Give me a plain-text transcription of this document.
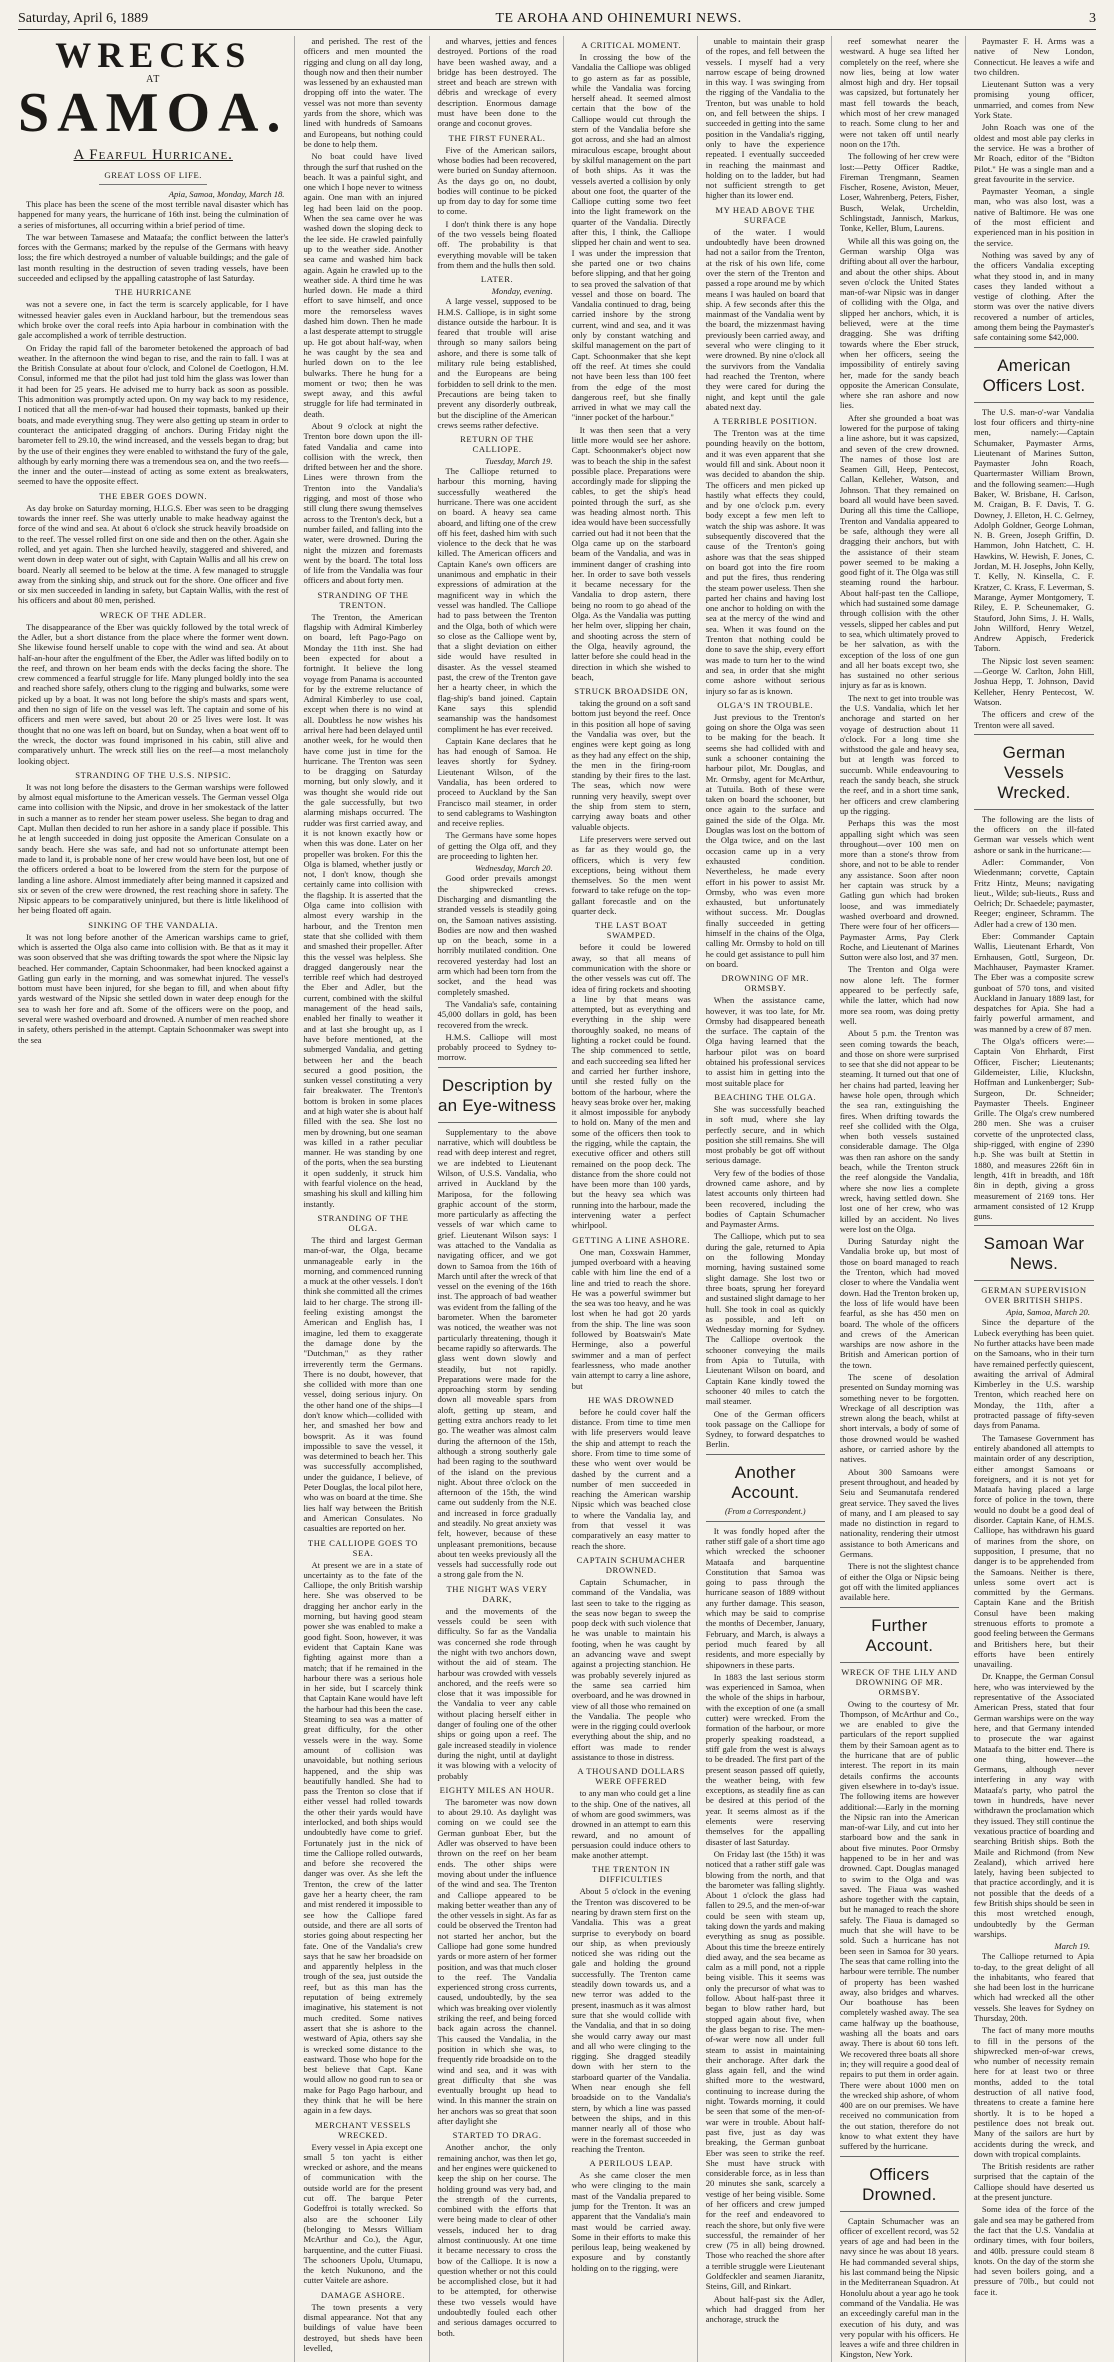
Saturday, April 6, 1889	TE AROHA AND OHINEMURI NEWS.	3
WRECKS
AT
SAMOA.
A Fearful Hurricane.
GREAT LOSS OF LIFE.
Apia, Samoa, Monday, March 18.

This place has been the scene of the most terrible naval disaster which has happened for many years, the hurricane of 16th inst. being the culmination of a series of misfortunes, all occurring within a brief period of time.

The war between Tamasese and Mataafa; the conflict between the latter's forces with the Germans; marked by the repulse of the Germans with heavy loss; the fire which destroyed a number of valuable buildings; and the gale of last month resulting in the destruction of seven trading vessels, have been succeeded and eclipsed by the appalling catastrophe of last Saturday.

THE HURRICANE

was not a severe one, in fact the term is scarcely applicable, for I have witnessed heavier gales even in Auckland harbour, but the tremendous seas which broke over the coral reefs into Apia harbour in combination with the gale accomplished a work of terrible destruction.

On Friday the rapid fall of the barometer betokened the approach of bad weather. In the afternoon the wind began to rise, and the rain to fall. I was at the British Consulate at about four o'clock, and Colonel de Coetlogon, H.M. Consul, informed me that the pilot had just told him the glass was lower than it had been for 25 years. He advised me to hurry back as soon as possible. This admonition was promptly acted upon. On my way back to my residence, I noticed that all the men-of-war had housed their topmasts, banked up their boats, and made everything snug. They were also getting up steam in order to counteract the anticipated dragging of anchors. During Friday night the barometer fell to 29.10, the wind increased, and the vessels began to drag; but by the use of their engines they were enabled to withstand the fury of the gale, although by early morning there was a tremendous sea on, and the two reefs—the inner and the outer—instead of acting as some extent as breakwaters, seemed to have the opposite effect.

THE EBER GOES DOWN.

As day broke on Saturday morning, H.I.G.S. Eber was seen to be dragging towards the inner reef. She was utterly unable to make headway against the force of the wind and sea. At about 6 o'clock she struck heavily broadside on to the reef. The vessel rolled first on one side and then on the other. Again she rolled, and yet again. Then she lurched heavily, staggered and shivered, and went down in deep water out of sight, with Captain Wallis and all his crew on board. Nearly all seemed to be below at the time. A few managed to struggle away from the sinking ship, and struck out for the shore. One officer and five or six men succeeded in landing in safety, but Captain Wallis, with the rest of his officers and about 80 men, perished.

WRECK OF THE ADLER.

The disappearance of the Eber was quickly followed by the total wreck of the Adler, but a short distance from the place where the former went down. She likewise found herself unable to cope with the wind and sea. At about half-an-hour after the engulfment of the Eber, the Adler was lifted bodily on to the reef, and thrown on her beam ends with the decks facing the shore. The crew commenced a fearful struggle for life. Many plunged boldly into the sea and reached shore safely, others clung to the rigging and bulwarks, some were picked up by a boat. It was not long before the ship's masts and spars went, and then no sign of life on the vessel was left. The captain and some of his officers and men were saved, but about 20 or 25 lives were lost. It was thought that no one was left on board, but on Sunday, when a boat went off to the wreck, the doctor was found imprisoned in his cabin, still alive and comparatively unhurt. The wreck still lies on the reef—a most melancholy looking object.

STRANDING OF THE U.S.S. NIPSIC.

It was not long before the disasters to the German warships were followed by almost equal misfortune to the American vessels. The German vessel Olga came into collision with the Nipsic, and drove in her smokestack of the latter in such a manner as to render her steam power useless. She began to drag and Capt. Mullan then decided to run her ashore in a sandy place if possible. This he at length succeeded in doing just opposite the American Consulate on a sandy beach. Here she was safe, and had not so unfortunate attempt been made to land it, is probable none of her crew would have been lost, but one of the officers ordered a boat to be lowered from the stern for the purpose of landing a line ashore. Almost immediately after being manned it capsized and six or seven of the crew were drowned, the rest reaching shore in safety. The Nipsic appears to be comparatively uninjured, but there is little likelihood of her being floated off again.

SINKING OF THE VANDALIA.

It was not long before another of the American warships came to grief, which is asserted the Olga also came into collision with. Be that as it may it was soon observed that she was drifting towards the spot where the Nipsic lay beached. Her commander, Captain Schoonmaker, had been knocked against a Gatling gun early in the morning, and was somewhat injured. The vessel's bottom must have been injured, for she began to fill, and when about fifty yards westward of the Nipsic she settled down in water deep enough for the sea to wash her fore and aft. Some of the officers were on the poop, and several were washed overboard and drowned. A number of men reached shore in safety, others perished in the attempt. Captain Schoonmaker was swept into the sea

and perished. The rest of the officers and men mounted the rigging and clung on all day long, though now and then their number was lessened by an exhausted man dropping off into the water. The vessel was not more than seventy yards from the shore, which was lined with hundreds of Samoans and Europeans, but nothing could be done to help them.

No boat could have lived through the surf that rushed on the beach. It was a painful sight, and one which I hope never to witness again. One man with an injured leg had been laid on the poop. When the sea came over he was washed down the sloping deck to the lee side. He crawled painfully up to the weather side. Another sea came and washed him back again. Again he crawled up to the weather side. A third time he was hurled down. He made a third effort to save himself, and once more the remorseless waves dashed him down. Then he made a last desperate attempt to struggle up. He got about half-way, when he was caught by the sea and hurled down on to the lee bulwarks. There he hung for a moment or two; then he was swept away, and this awful struggle for life had terminated in death.

About 9 o'clock at night the Trenton bore down upon the ill-fated Vandalia and came into collision with the wreck, then drifted between her and the shore. Lines were thrown from the Trenton into the Vandalia's rigging, and most of those who still clung there swung themselves across to the Trenton's deck, but a number failed, and falling into the water, were drowned. During the night the mizzen and foremasts went by the board. The total loss of life from the Vandalia was four officers and about forty men.

STRANDING OF THE TRENTON.

The Trenton, the American flagship with Admiral Kimberley on board, left Pago-Pago on Monday the 11th inst. She had been expected for about a fortnight. It believe the long voyage from Panama is accounted for by the extreme reluctance of Admiral Kimberley to use coal, except when there is no wind at all. Doubtless he now wishes his arrival here had been delayed until another week, for he would then have come just in time for the hurricane. The Trenton was seen to be dragging on Saturday morning, but only slowly, and it was thought she would ride out the gale successfully, but two alarming mishaps occurred. The rudder was first carried away, and it is not known exactly how or when this was done. Later on her propeller was broken. For this the Olga is blamed, whether justly or not, I don't know, though she certainly came into collision with the flagship. It is asserted that the Olga came into collision with almost every warship in the harbour, and the Trenton men state that she collided with them and smashed their propeller. After this the vessel was helpless. She dragged dangerously near the terrible reef which had destroyed the Eber and Adler, but the current, combined with the skilful management of the head sails, enabled her finally to weather it and at last she brought up, as I have before mentioned, at the submerged Vandalia, and getting between her and the beach secured a good position, the sunken vessel constituting a very fair breakwater. The Trenton's bottom is broken in some places and at high water she is about half filled with the sea. She lost no men by drowning, but one seaman was killed in a rather peculiar manner. He was standing by one of the ports, when the sea bursting it open suddenly, it struck him with fearful violence on the head, smashing his skull and killing him instantly.

STRANDING OF THE OLGA.

The third and largest German man-of-war, the Olga, became unmanageable early in the morning, and commenced running a muck at the other vessels. I don't think she committed all the crimes laid to her charge. The strong ill-feeling existing amongst the American and English has, I imagine, led them to exaggerate the damage done by the "Dutchman," as they rather irreverently term the Germans. There is no doubt, however, that she collided with more than one vessel, doing serious injury. On the other hand one of the ships—I don't know which—collided with her, and smashed her bow and bowsprit. As it was found impossible to save the vessel, it was determined to beach her. This was successfully accomplished, under the guidance, I believe, of Peter Douglas, the local pilot here, who was on board at the time. She lies half way between the British and American Consulates. No casualties are reported on her.

THE CALLIOPE GOES TO SEA.

At present we are in a state of uncertainty as to the fate of the Calliope, the only British warship here. She was observed to be dragging her anchor early in the morning, but having good steam power she was enabled to make a good fight. Soon, however, it was evident that Captain Kane was fighting against more than a match; that if he remained in the harbour there was a serious hole in her side, but I scarcely think that Captain Kane would have left the harbour had this been the case. Steaming to sea was a matter of great difficulty, for the other vessels were in the way. Some amount of collision was unavoidable, but nothing serious happened, and the ship was beautifully handled. She had to pass the Trenton so close that if either vessel had rolled towards the other their yards would have interlocked, and both ships would undoubtedly have come to grief. Fortunately just in the nick of time the Calliope rolled outwards, and before she recovered the danger was over. As she left the Trenton, the crew of the latter gave her a hearty cheer, the ram and mist rendered it impossible to see how the Calliope fared outside, and there are all sorts of stories going about respecting her fate. One of the Vandalia's crew says that he saw her broadside on and apparently helpless in the trough of the sea, just outside the reef, but as this man has the reputation of being extremely imaginative, his statement is not much credited. Some natives assert that she is ashore to the westward of Apia, others say she is wrecked some distance to the eastward. Those who hope for the best believe that Capt. Kane would allow no good run to sea or make for Pago Pago harbour, and they think that he will be here again in a few days.

MERCHANT VESSELS WRECKED.

Every vessel in Apia except one small 5 ton yacht is either wrecked or ashore, and the means of communication with the outside world are for the present cut off. The barque Peter Godeffroi is totally wrecked. So also are the schooner Lily (belonging to Messrs William McArthur and Co.), the Agur, barquentine, and the cutter Fiuasi. The schooners Upolu, Utumapu, the ketch Nukunono, and the cutter Vaitele are ashore.

DAMAGE ASHORE.

The town presents a very dismal appearance. Not that any buildings of value have been destroyed, but sheds have been levelled,

and wharves, jetties and fences destroyed. Portions of the road have been washed away, and a bridge has been destroyed. The street and beach are strewn with débris and wreckage of every description. Enormous damage must have been done to the orange and coconut groves.

THE FIRST FUNERAL.

Five of the American sailors, whose bodies had been recovered, were buried on Sunday afternoon. As the days go on, no doubt, bodies will continue to be picked up from day to day for some time to come.

I don't think there is any hope of the two vessels being floated off. The probability is that everything movable will be taken from them and the hulls then sold.

LATER.
Monday, evening.

A large vessel, supposed to be H.M.S. Calliope, is in sight some distance outside the harbour. It is feared that trouble will arise through so many sailors being ashore, and there is some talk of military rule being established, and the Europeans are being forbidden to sell drink to the men. Precautions are being taken to prevent any disorderly outbreak, but the discipline of the American crews seems rather defective.

RETURN OF THE CALLIOPE.
Tuesday, March 19.

The Calliope returned to harbour this morning, having successfully weathered the hurricane. There was one accident on board. A heavy sea came aboard, and lifting one of the crew off his feet, dashed him with such violence to the deck that he was killed. The American officers and Captain Kane's own officers are unanimous and emphatic in their expressions of admiration at the magnificent way in which the vessel was handled. The Calliope had to pass between the Trenton and the Olga, both of which were so close as the Calliope went by, that a slight deviation on either side would have resulted in disaster. As the vessel steamed past, the crew of the Trenton gave her a hearty cheer, in which the flag-ship's band joined. Captain Kane says this splendid seamanship was the handsomest compliment he has ever received.

Captain Kane declares that he has had enough of Samoa. He leaves shortly for Sydney. Lieutenant Wilson, of the Vandalia, has been ordered to proceed to Auckland by the San Francisco mail steamer, in order to send cablegrams to Washington and receive replies.

The Germans have some hopes of getting the Olga off, and they are proceeding to lighten her.

Wednesday, March 20.

Good order prevails amongst the shipwrecked crews. Discharging and dismantling the stranded vessels is steadily going on, the Samoan natives assisting. Bodies are now and then washed up on the beach, some in a horribly mutilated condition. One recovered yesterday had lost an arm which had been torn from the socket, and the head was completely smashed.

The Vandalia's safe, containing 45,000 dollars in gold, has been recovered from the wreck.

H.M.S. Calliope will most probably proceed to Sydney to-morrow.

Description by an Eye-witness

Supplementary to the above narrative, which will doubtless be read with deep interest and regret, we are indebted to Lieutenant Wilson, of U.S.S. Vandalia, who arrived in Auckland by the Mariposa, for the following graphic account of the storm, more particularly as affecting the vessels of war which came to grief. Lieutenant Wilson says: I was attached to the Vandalia as navigating officer, and we got down to Samoa from the 16th of March until after the wreck of that vessel on the evening of the 16th inst. The approach of bad weather was evident from the falling of the barometer. When the barometer was noticed, the weather was not particularly threatening, though it became rapidly so afterwards. The glass went down slowly and steadily, but not rapidly. Preparations were made for the approaching storm by sending down all moveable spars from aloft, getting up steam, and getting extra anchors ready to let go. The weather was almost calm during the afternoon of the 15th, although a strong southerly gale had been raging to the southward of the island on the previous night. About three o'clock on the afternoon of the 15th, the wind came out suddenly from the N.E. and increased in force gradually and steadily. No great anxiety was felt, however, because of these unpleasant premonitions, because about ten weeks previously all the vessels had successfully rode out a strong gale from the N.

THE NIGHT WAS VERY DARK,

and the movements of the vessels could be seen with difficulty. So far as the Vandalia was concerned she rode through the night with two anchors down, without the aid of steam. The harbour was crowded with vessels anchored, and the reefs were so close that it was impossible for the Vandalia to veer any cable without placing herself either in danger of fouling one of the other ships or going upon a reef. The gale increased steadily in violence during the night, until at daylight it was blowing with a velocity of probably

EIGHTY MILES AN HOUR.

The barometer was now down to about 29.10. As daylight was coming on we could see the German gunboat Eber, but the Adler was observed to have been thrown on the reef on her beam ends. The other ships were moving about under the influence of the wind and sea. The Trenton and Calliope appeared to be making better weather than any of the other vessels in sight. As far as could be observed the Trenton had not started her anchor, but the Calliope had gone some hundred yards or more astern of her former position, and was that much closer to the reef. The Vandalia experienced strong cross currents, caused, undoubtedly, by the sea which was breaking over violently striking the reef, and being forced back again across the channel. This caused the Vandalia, in the position in which she was, to frequently ride broadside on to the wind and sea, and it was with great difficulty that she was eventually brought up head to wind. In this manner the strain on her anchors was so great that soon after daylight she

STARTED TO DRAG.

Another anchor, the only remaining anchor, was then let go, and her engines were quickened to keep the ship on her course. The holding ground was very bad, and the strength of the currents, combined with the efforts that were being made to clear of other vessels, induced her to drag almost continuously. At one time it became necessary to cross the bow of the Calliope. It is now a question whether or not this could be accomplished close, but it had to be attempted, for otherwise these two vessels would have undoubtedly fouled each other and serious damages occurred to both.

A CRITICAL MOMENT.

In crossing the bow of the Vandalia the Calliope was obliged to go astern as far as possible, while the Vandalia was forcing herself ahead. It seemed almost certain that the bow of the Calliope would cut through the stern of the Vandalia before she got across, and she had an almost miraculous escape, brought about by skilful management on the part of both ships. As it was the vessels averted a collision by only about one foot, the quarter of the Calliope cutting some two feet into the light framework on the quarter of the Vandalia. Directly after this, I think, the Calliope slipped her chain and went to sea. I was under the impression that she parted one or two chains before slipping, and that her going to sea proved the salvation of that vessel and those on board. The Vandalia continued to drag, being carried inshore by the strong current, wind and sea, and it was only by constant watching and skilful management on the part of Capt. Schoonmaker that she kept off the reef. At times she could not have been less than 100 feet from the edge of the most dangerous reef, but she finally arrived in what we may call the "inner pocket of the harbour."

It was then seen that a very little more would see her ashore. Capt. Schoonmaker's object now was to beach the ship in the safest possible place. Preparations were accordingly made for slipping the cables, to get the ship's head pointed through the surf, as she was heading almost north. This idea would have been successfully carried out had it not been that the Olga came up on the starboard beam of the Vandalia, and was in imminent danger of crashing into her. In order to save both vessels it became necessary for the Vandalia to drop astern, there being no room to go ahead of the Olga. As the Vandalia was putting her helm over, slipping her chain, and shooting across the stern of the Olga, heavily aground, the latter before she could head in the direction in which she wished to beach,

STRUCK BROADSIDE ON,

taking the ground on a soft sand bottom just beyond the reef. Once in this position all hope of saving the Vandalia was over, but the engines were kept going as long as they had any effect on the ship, the men in the firing-room standing by their fires to the last. The seas, which now were running very heavily, swept over the ship from stem to stern, carrying away boats and other valuable objects.

Life preservers were served out as far as they would go, the officers, which is very few exceptions, being without them themselves. So the men went forward to take refuge on the top-gallant forecastle and on the quarter deck.

THE LAST BOAT SWAMPED.

before it could be lowered away, so that all means of communication with the shore or the other vessels was cut off. The idea of firing rockets and shooting a line by that means was attempted, but as everything and everything in the ship were thoroughly soaked, no means of lighting a rocket could be found. The ship commenced to settle, and each succeeding sea lifted her and carried her further inshore, until she rested fully on the bottom of the harbour, where the heavy seas broke over her, making it almost impossible for anybody to hold on. Many of the men and some of the officers then took to the rigging, while the captain, the executive officer and others still remained on the poop deck. The distance from the shore could not have been more than 100 yards, but the heavy sea which was running into the harbour, made the intervening water a perfect whirlpool.

GETTING A LINE ASHORE.

One man, Coxswain Hammer, jumped overboard with a heaving cable with him line the end of a line and tried to reach the shore. He was a powerful swimmer but the sea was too heavy, and he was lost when he had got 20 yards from the ship. The line was soon followed by Boatswain's Mate Herminge, also a powerful swimmer and a man of perfect fearlessness, who made another vain attempt to carry a line ashore, but

HE WAS DROWNED

before he could cover half the distance. From time to time men with life preservers would leave the ship and attempt to reach the shore. From time to time some of these who went over would be dashed by the current and a number of men succeeded in reaching the American warship Nipsic which was beached close to where the Vandalia lay, and from that vessel it was comparatively an easy matter to reach the shore.

CAPTAIN SCHUMACHER DROWNED.

Captain Schumacher, in command of the Vandalia, was last seen to take to the rigging as the seas now began to sweep the poop deck with such violence that he was unable to maintain his footing, when he was caught by an advancing wave and swept against a projecting stanchion. He was probably severely injured as the same sea carried him overboard, and he was drowned in view of all those who remained on the Vandalia. The people who were in the rigging could overlook everything about the ship, and no effort was made to render assistance to those in distress.

A THOUSAND DOLLARS WERE OFFERED

to any man who could get a line to the ship. One of the natives, all of whom are good swimmers, was drowned in an attempt to earn this reward, and no amount of persuasion could induce others to make another attempt.

THE TRENTON IN DIFFICULTIES

About 5 o'clock in the evening the Trenton was discovered to be nearing by drawn stern first on the Vandalia. This was a great surprise to everybody on board our ship, as when previously noticed she was riding out the gale and holding the ground successfully. The Trenton came steadily down towards us, and a new terror was added to the present, inasmuch as it was almost sure that she would collide with the Vandalia, and that in so doing she would carry away our mast and all who were clinging to the rigging. She dragged steadily down with her stern to the starboard quarter of the Vandalia. When near enough she fell broadside on to the Vandalia's stern, by which a line was passed between the ships, and in this manner nearly all of those who were in the foremast succeeded in reaching the Trenton.

A PERILOUS LEAP.

As she came closer the men who were clinging to the main mast of the Vandalia prepared to jump for the Trenton. It was an apparent that the Vandalia's main mast would be carried away. Some in their efforts to make this perilous leap, being weakened by exposure and by constantly holding on to the rigging, were

unable to maintain their grasp of the ropes, and fell between the vessels. I myself had a very narrow escape of being drowned in this way. I was swinging from the rigging of the Vandalia to the Trenton, but was unable to hold on, and fell between the ships. I succeeded in getting into the same position in the Vandalia's rigging, only to have the experience repeated. I eventually succeeded in reaching the mainmast and holding on to the ladder, but had not sufficient strength to get higher than its lower end.

MY HEAD ABOVE THE SURFACE

of the water. I would undoubtedly have been drowned had not a sailor from the Trenton, at the risk of his own life, come over the stern of the Trenton and passed a rope around me by which means I was hauled on board that ship. A few seconds after this the mainmast of the Vandalia went by the board, the mizzenmast having previously been carried away, and several who were clinging to it were drowned. By nine o'clock all the survivors from the Vandalia had reached the Trenton, where they were cared for during the night, and kept until the gale abated next day.

A TERRIBLE POSITION.

The Trenton was at the time pounding heavily on the bottom, and it was even apparent that she would fill and sink. About noon it was decided to abandon the ship. The officers and men picked up hastily what effects they could, and by one o'clock p.m. every body except a few men left to watch the ship was ashore. It was subsequently discovered that the cause of the Trenton's going ashore was that the seas shipped on board got into the fire room and put the fires, thus rendering the steam power useless. Then she parted her chains and having lost one anchor to holding on with the sea at the mercy of the wind and sea. When it was found on the Trenton that nothing could be done to save the ship, every effort was made to turn her to the wind and sea, in order that she might come ashore without serious injury so far as is known.

OLGA'S IN TROUBLE.

Just previous to the Trenton's going on shore the Olga was seen to be making for the beach. It seems she had collided with and sunk a schooner containing the harbour pilot, Mr. Douglas, and Mr. Ormsby, agent for McArthur, at Tutuila. Both of these were taken on board the schooner, but once again to the surface and gained the side of the Olga. Mr. Douglas was lost on the bottom of the Olga twice, and on the last occasion came up in a very exhausted condition. Nevertheless, he made every effort in his power to assist Mr. Ormsby, who was even more exhausted, but unfortunately without success. Mr. Douglas finally succeeded in getting himself in the chains of the Olga, calling Mr. Ormsby to hold on till he could get assistance to pull him on board.

DROWNING OF MR. ORMSBY.

When the assistance came, however, it was too late, for Mr. Ormsby had disappeared beneath the surface. The captain of the Olga having learned that the harbour pilot was on board obtained his professional services to assist him in getting into the most suitable place for

BEACHING THE OLGA.

She was successfully beached in soft mud, where she lay perfectly secure, and in which position she still remains. She will most probably be got off without serious damage.

Very few of the bodies of those drowned came ashore, and by latest accounts only thirteen had been recovered, including the bodies of Captain Schumacher and Paymaster Arms.

The Calliope, which put to sea during the gale, returned to Apia on the following Monday morning, having sustained some slight damage. She lost two or three boats, sprung her foreyard and sustained slight damage to her hull. She took in coal as quickly as possible, and left on Wednesday morning for Sydney. The Calliope overtook the schooner conveying the mails from Apia to Tutuila, with Lieutenant Wilson on board, and Captain Kane kindly towed the schooner 40 miles to catch the mail steamer.

One of the German officers took passage on the Calliope for Sydney, to forward despatches to Berlin.

Another Account.
(From a Correspondent.)

It was fondly hoped after the rather stiff gale of a short time ago which wrecked the schooner Mataafa and barquentine Constitution that Samoa was going to pass through the hurricane season of 1889 without any further damage. This season, which may be said to comprise the months of December, January, February, and March, is always a period much feared by all residents, and more especially by shipowners in these parts.

In 1883 the last serious storm was experienced in Samoa, when the whole of the ships in harbour, with the exception of one (a small cutter) were wrecked. From the formation of the harbour, or more properly speaking roadstead, a stiff gale from the west is always to be dreaded. The first part of the present season passed off quietly, the weather being, with few exceptions, as steadily fine as can be desired at this period of the year. It seems almost as if the elements were reserving themselves for the appalling disaster of last Saturday.

On Friday last (the 15th) it was noticed that a rather stiff gale was blowing from the north, and that the barometer was falling slightly. About 1 o'clock the glass had fallen to 29.5, and the men-of-war could be seen with steam up, taking down the yards and making everything as snug as possible. About this time the breeze entirely died away, and the sea became as calm as a mill pond, not a ripple being visible. This it seems was only the precursor of what was to follow. About half-past three it began to blow rather hard, but stopped again about five, when the glass began to rise. The men-of-war were now all under full steam to assist in maintaining their anchorage. After dark the glass again fell, and the wind shifted more to the westward, continuing to increase during the night. Towards morning, it could be seen that some of the men-of-war were in trouble. About half-past five, just as day was breaking, the German gunboat Eber was seen to strike the reef. She must have struck with considerable force, as in less than 20 minutes she sank, scarcely a vestige of her being visible. Some of her officers and crew jumped for the reef and endeavored to reach the shore, but only five were successful, the remainder of her crew (75 in all) being drowned. Those who reached the shore after a terrible struggle were Lieutenant Goldfeckler and seamen Jiaranitz, Steins, Gill, and Rinkart.

About half-past six the Adler, which had dragged from her anchorage, struck the

reef somewhat nearer the westward. A huge sea lifted her completely on the reef, where she now lies, being at low water almost high and dry. Her topsail was capsized, but fortunately her mast fell towards the beach, which most of her crew managed to reach. Some clung to her and were not taken off until nearly noon on the 17th.

The following of her crew were lost:—Petty Officer Radtke, Fireman Trengmann, Seamen Fischer, Rosene, Aviston, Meuer, Loser, Wahrenberg, Peters, Fisher, Busch, Welak, Urcheldin, Schlingstadt, Jannisch, Markus, Tonke, Keller, Blum, Laurens.

While all this was going on, the German warship Olga was drifting about all over the harbour, and about the other ships. About seven o'clock the United States man-of-war Nipsic was in danger of colliding with the Olga, and slipped her anchors, which, it is believed, were at the time dragging. She was drifting towards where the Eber struck, when her officers, seeing the impossibility of entirely saving her, made for the sandy beach opposite the American Consulate, where she ran ashore and now lies.

After she grounded a boat was lowered for the purpose of taking a line ashore, but it was capsized, and seven of the crew drowned. The names of those lost are Seamen Gill, Heep, Pentecost, Callan, Kelleher, Watson, and Johnson. That they remained on board all would have been saved. During all this time the Calliope, Trenton and Vandalia appeared to be safe, although they were all dragging their anchors, but with the assistance of their steam power seemed to be making a good fight of it. The Olga was still steaming round the harbour. About half-past ten the Calliope, which had sustained some damage through collision with the other vessels, slipped her cables and put to sea, which ultimately proved to be her salvation, as with the exception of the loss of one gun and all her boats except two, she has sustained no other serious injury as far as is known.

The next to get into trouble was the U.S. Vandalia, which let her anchorage and started on her voyage of destruction about 11 o'clock. For a long time she withstood the gale and heavy sea, but at length was forced to succumb. While endeavouring to reach the sandy beach, she struck the reef, and in a short time sank, her officers and crew clambering up the rigging.

Perhaps this was the most appalling sight which was seen throughout—over 100 men on more than a stone's throw from shore, and not to be able to render any assistance. Soon after noon her captain was struck by a Gatling gun which had broken loose, and was immediately washed overboard and drowned. There were four of her officers—Paymaster Arms, Pay Clerk Roche, and Lieutenant of Marines Sutton were also lost, and 37 men.

The Trenton and Olga were now alone left. The former appeared to be perfectly safe, while the latter, which had now more sea room, was doing pretty well.

About 5 p.m. the Trenton was seen coming towards the beach, and those on shore were surprised to see that she did not appear to be steaming. It turned out that one of her chains had parted, leaving her hawse hole open, through which the sea ran, extinguishing the fires. When drifting towards the reef she collided with the Olga, when both vessels sustained considerable damage. The Olga was then ran ashore on the sandy beach, while the Trenton struck the reef alongside the Vandalia, where she now lies a complete wreck, having settled down. She lost one of her crew, who was killed by an accident. No lives were lost on the Olga.

During Saturday night the Vandalia broke up, but most of those on board managed to reach the Trenton, which had moved closer to where the Vandalia went down. Had the Trenton broken up, the loss of life would have been fearful, as she has 450 men on board. The whole of the officers and crews of the American warships are now ashore in the British and American portion of the town.

The scene of desolation presented on Sunday morning was something never to be forgotten. Wreckage of all description was strewn along the beach, whilst at short intervals, a body of some of those drowned would be washed ashore, or carried ashore by the natives.

About 300 Samoans were present throughout, and headed by Seiu and Seumanutafa rendered great service. They saved the lives of many, and I am pleased to say made no distinction in regard to nationality, rendering their utmost assistance to both Americans and Germans.

There is not the slightest chance of either the Olga or Nipsic being got off with the limited appliances available here.

Further Account.
WRECK OF THE LILY AND DROWNING OF MR. ORMSBY.

Owing to the courtesy of Mr. Thompson, of McArthur and Co., we are enabled to give the particulars of the report supplied them by their Samoan agent as to the hurricane that are of public interest. The report in its main details confirms the accounts given elsewhere in to-day's issue. The following items are however additional:—Early in the morning the Nipsic ran into the American man-of-war Lily, and cut into her starboard bow and the sank in about five minutes. Poor Ormsby happened to be in her and was drowned. Capt. Douglas managed to swim to the Olga and was saved. The Fiaua was washed ashore together with the captain, but he managed to reach the shore safely. The Fiaua is damaged so much that she will have to be sold. Such a hurricane has not been seen in Samoa for 30 years. The seas that came rolling into the harbour were terrible. The number of property has been washed away, also bridges and wharves. Our boathouse has been completely washed away. The sea came halfway up the boathouse, washing all the boats and oars away. There is about 60 tons left. We recovered three boats all shore in; they will require a good deal of repairs to put them in order again. There were about 1000 men on the wrecked ship ashore, of whom 400 are on our premises. We have received no communication from the out station, therefore do not know to what extent they have suffered by the hurricane.

Officers Drowned.

Captain Schumacher was an officer of excellent record, was 52 years of age and had been in the navy since he was about 18 years. He had commanded several ships, his last command being the Nipsic in the Mediterranean Squadron. At Honolulu about a year ago he took command of the Vandalia. He was an exceedingly careful man in the execution of his duty, and was very popular with his officers. He leaves a wife and three children in Kingston, New York.

Paymaster F. H. Arms was a native of New London, Connecticut. He leaves a wife and two children.

Lieutenant Sutton was a very promising young officer, unmarried, and comes from New York State.

John Roach was one of the oldest and most able pay clerks in the service. He was a brother of Mr Roach, editor of the "Bidton Pilot." He was a single man and a great favourite in the service.

Paymaster Yeoman, a single man, who was also lost, was a native of Baltimore. He was one of the most efficient and experienced man in his position in the service.

Nothing was saved by any of the officers Vandalia excepting what they stood in, and in many cases they landed without a vestige of clothing. After the storm was over the native divers recovered a number of articles, among them being the Paymaster's safe containing some $42,000.

American Officers Lost.

The U.S. man-o'-war Vandalia lost four officers and thirty-nine men, namely:—Captain Schumaker, Paymaster Arms, Lieutenant of Marines Sutton, Paymaster John Roach, Quartermaster William Brown, and the following seamen:—Hugh Baker, W. Brisbane, H. Carlson, M. Craigan, B. F. Davis, T. G. Downey, J. Elleton, H. C. Gelrney, Adolph Goldner, George Lohman, N. B. Green, Joseph Griffin, D. Hammon, John Hatchett, C. H. Hawkins, W. Hewish, F. Jones, C. Jordan, M. H. Josephs, John Kelly, T. Kelly, N. Kinsella, C. F. Kratzer, C. Krass, F. Leverman, S. Marange, Aymer Montgomery, T. Riley, E. P. Scheunemaker, G. Stauford, John Sims, J. H. Walls, John Willford, Henry Wetzel, Andrew Appisch, Frederick Taborn.

The Nipsic lost seven seamen:—George W. Carlton, John Hill, Joshua Hepp, T. Johnson, David Kelleher, Henry Pentecost, W. Watson.

The officers and crew of the Trenton were all saved.

German Vessels Wrecked.

The following are the lists of the officers on the ill-fated German war vessels which went ashore or sank in the hurricane:—

Adler: Commander, Von Wiedenmann; corvette, Captain Fritz Hintz, Meuns; navigating lieut., Wilde; sub-lieuts., Russ and Oelrich; Dr. Schaedele; paymaster, Reeger; engineer, Schramm. The Adler had a crew of 130 men.

Eber: Commander Captain Wallis, Lieutenant Erhardt, Von Ernhausen, Gottl, Surgeon, Dr. Machhauser, Paymaster Kramer. The Eber was a composite screw gunboat of 570 tons, and visited Auckland in January 1889 last, for despatches for Apia. She had a fairly powerful armament, and was manned by a crew of 87 men.

The Olga's officers were:—Captain Von Ehrhardt, First Officer, Fischer; Lieutenants; Gildemeister, Lilie, Kluckshn, Hoffman and Lunkenberger; Sub-Surgeon, Dr. Schneider; Paymaster Theels. Engineer Grille. The Olga's crew numbered 280 men. She was a cruiser corvette of the unprotected class, ship-rigged, with engine of 2390 h.p. She was built at Stettin in 1880, and measures 226ft 6in in length, 41ft in breadth, and 18ft 8in in depth, giving a gross measurement of 2169 tons. Her armament consisted of 12 Krupp guns.

Samoan War News.
GERMAN SUPERVISION OVER BRITISH SHIPS.
Apia, Samoa, March 20.

Since the departure of the Lubeck everything has been quiet. No further attacks have been made on the Samoans, who in their turn have remained perfectly quiescent, awaiting the arrival of Admiral Kimberley in the U.S. warship Trenton, which reached here on Monday, the 11th, after a protracted passage of fifty-seven days from Panama.

The Tamasese Government has entirely abandoned all attempts to maintain order of any description, either amongst Samoans or foreigners, and it is not yet for Mataafa having placed a large force of police in the town, there would no doubt be a good deal of disorder. Captain Kane, of H.M.S. Calliope, has withdrawn his guard of marines from the shore, on supposition, I presume, that no danger is to be apprehended from the Samoans. Neither is there, unless some overt act is committed by the Germans. Captain Kane and the British Consul have been making strenuous efforts to promote a good feeling between the Germans and Britishers here, but their efforts have been entirely unavailing.

Dr. Knappe, the German Consul here, who was interviewed by the representative of the Associated American Press, stated that four German warships were on the way here, and that Germany intended to prosecute the war against Mataafa to the bitter end. There is one thing, however—the Germans, although never interfering in any way with Mataafa's party, who patrol the town in hundreds, have never withdrawn the proclamation which they issued. They still continue the vexatious practice of boarding and searching British ships. Both the Maile and Richmond (from New Zealand), which arrived here lately, having been subjected to that practice accordingly, and it is not possible that the deeds of a few British ships should be seen in this most wretched enough, undoubtedly by the German warships.

March 19.

The Calliope returned to Apia to-day, to the great delight of all the inhabitants, who feared that she had been lost in the hurricane which had wrecked all the other vessels. She leaves for Sydney on Thursday, 20th.

The fact of many more mouths to fill in the persons of the shipwrecked men-of-war crews, who number of necessity remain here for at least two or three months, added to the total destruction of all native food, threatens to create a famine here shortly. It is to be hoped a pestilence does not break out. Many of the sailors are hurt by accidents during the wreck, and down with tropical complaints.

The British residents are rather surprised that the captain of the Calliope should have deserted us at the present juncture.

Some idea of the force of the gale and sea may be gathered from the fact that the U.S. Vandalia at ordinary times, with four boilers, and 40lb. pressure could steam 8 knots. On the day of the storm she had seven boilers going, and a pressure of 70lb., but could not face it.
